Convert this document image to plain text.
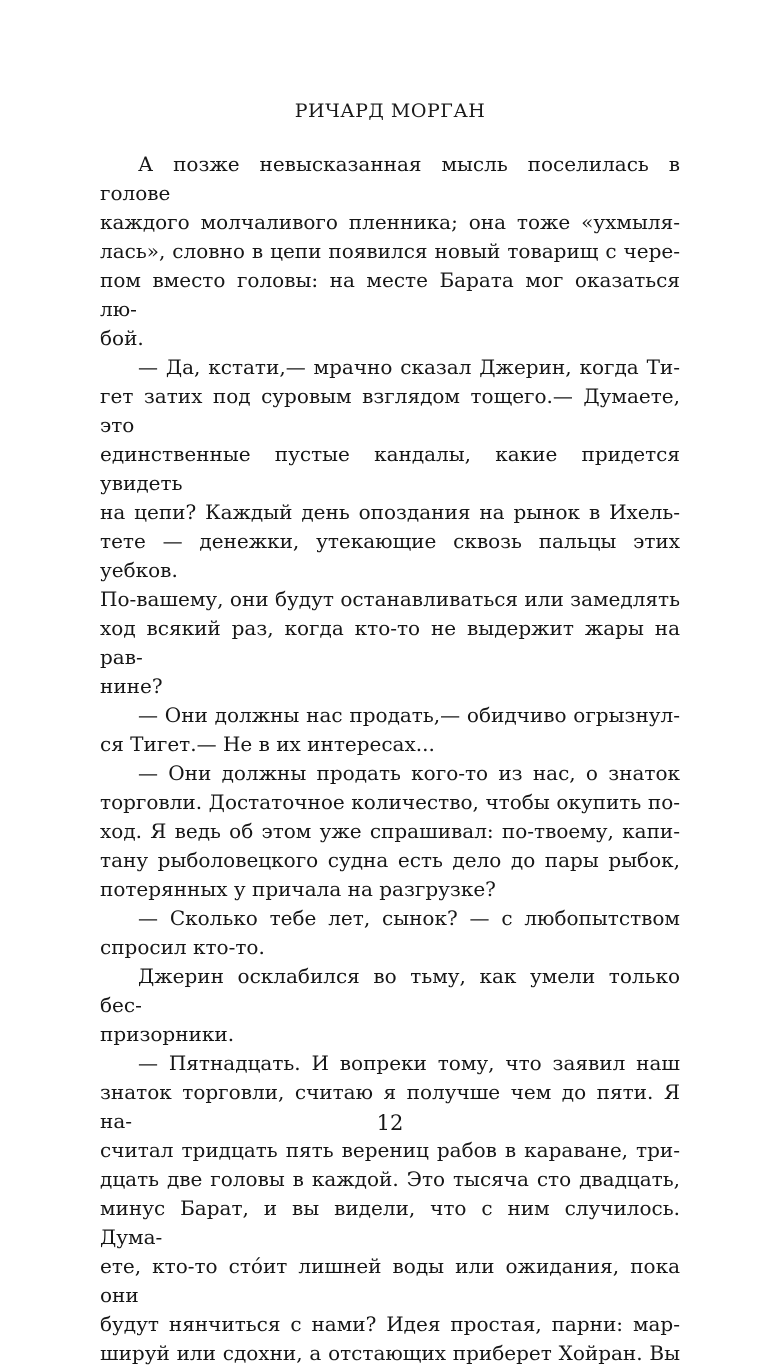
РИЧАРД МОРГАН
А позже невысказанная мысль поселилась в голове
каждого молчаливого пленника; она тоже «ухмыля-
лась», словно в цепи появился новый товарищ с чере-
пом вместо головы: на месте Барата мог оказаться лю-
бой.
— Да, кстати,— мрачно сказал Джерин, когда Ти-
гет затих под суровым взглядом тощего.— Думаете, это
единственные пустые кандалы, какие придется увидеть
на цепи? Каждый день опоздания на рынок в Ихель-
тете — денежки, утекающие сквозь пальцы этих уебков.
По-вашему, они будут останавливаться или замедлять
ход всякий раз, когда кто-то не выдержит жары на рав-
нине?
— Они должны нас продать,— обидчиво огрызнул-
ся Тигет.— Не в их интересах...
— Они должны продать кого-то из нас, о знаток
торговли. Достаточное количество, чтобы окупить по-
ход. Я ведь об этом уже спрашивал: по-твоему, капи-
тану рыболовецкого судна есть дело до пары рыбок,
потерянных у причала на разгрузке?
— Сколько тебе лет, сынок? — с любопытством
спросил кто-то.
Джерин осклабился во тьму, как умели только бес-
призорники.
— Пятнадцать. И вопреки тому, что заявил наш
знаток торговли, считаю я получше чем до пяти. Я на-
считал тридцать пять верениц рабов в караване, три-
дцать две головы в каждой. Это тысяча сто двадцать,
минус Барат, и вы видели, что с ним случилось. Дума-
ете, кто-то стóит лишней воды или ожидания, пока они
будут нянчиться с нами? Идея простая, парни: мар-
шируй или сдохни, а отстающих приберет Хойран. Вы
12
